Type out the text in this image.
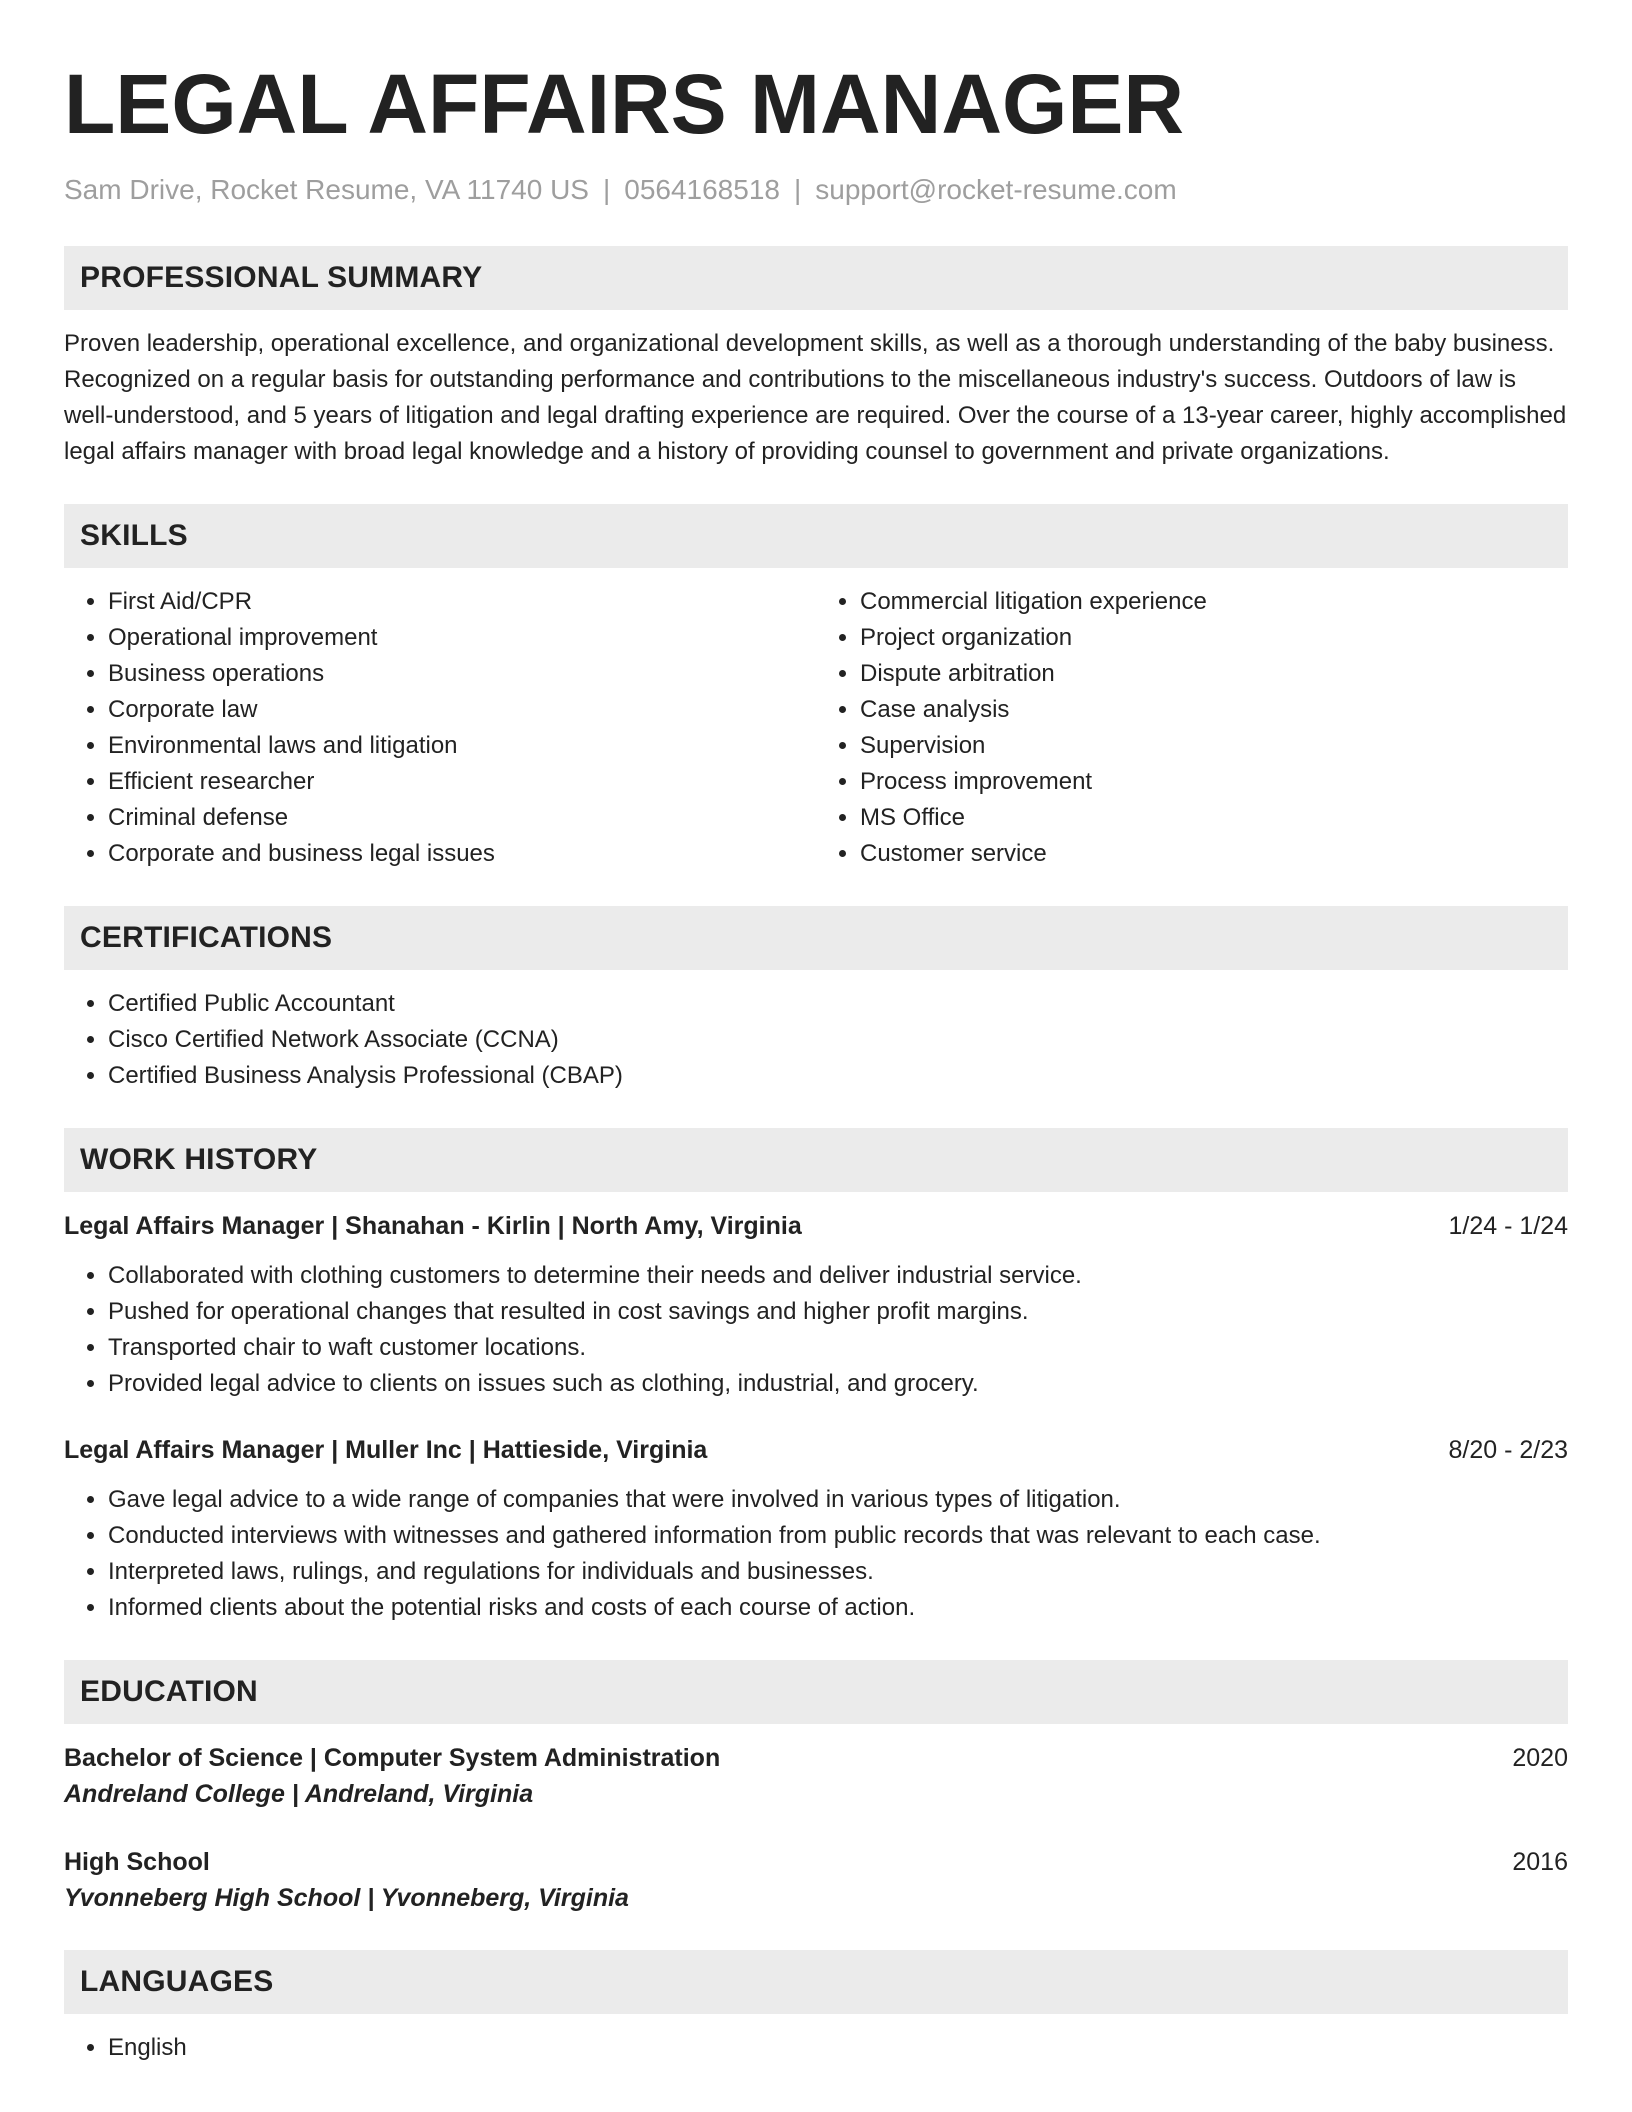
LEGAL AFFAIRS MANAGER
Sam Drive, Rocket Resume, VA 11740 US | 0564168518 | support@rocket-resume.com
PROFESSIONAL SUMMARY

Proven leadership, operational excellence, and organizational development skills, as well as a thorough understanding of the baby business. Recognized on a regular basis for outstanding performance and contributions to the miscellaneous industry's success. Outdoors of law is well-understood, and 5 years of litigation and legal drafting experience are required. Over the course of a 13-year career, highly accomplished legal affairs manager with broad legal knowledge and a history of providing counsel to government and private organizations.

SKILLS
• First Aid/CPR
• Operational improvement
• Business operations
• Corporate law
• Environmental laws and litigation
• Efficient researcher
• Criminal defense
• Corporate and business legal issues
• Commercial litigation experience
• Project organization
• Dispute arbitration
• Case analysis
• Supervision
• Process improvement
• MS Office
• Customer service
CERTIFICATIONS
• Certified Public Accountant
• Cisco Certified Network Associate (CCNA)
• Certified Business Analysis Professional (CBAP)
WORK HISTORY
Legal Affairs Manager | Shanahan - Kirlin | North Amy, Virginia	1/24 - 1/24
• Collaborated with clothing customers to determine their needs and deliver industrial service.
• Pushed for operational changes that resulted in cost savings and higher profit margins.
• Transported chair to waft customer locations.
• Provided legal advice to clients on issues such as clothing, industrial, and grocery.
Legal Affairs Manager | Muller Inc | Hattieside, Virginia	8/20 - 2/23
• Gave legal advice to a wide range of companies that were involved in various types of litigation.
• Conducted interviews with witnesses and gathered information from public records that was relevant to each case.
• Interpreted laws, rulings, and regulations for individuals and businesses.
• Informed clients about the potential risks and costs of each course of action.
EDUCATION
Bachelor of Science | Computer System Administration	2020
Andreland College | Andreland, Virginia
High School	2016
Yvonneberg High School | Yvonneberg, Virginia
LANGUAGES
• English
